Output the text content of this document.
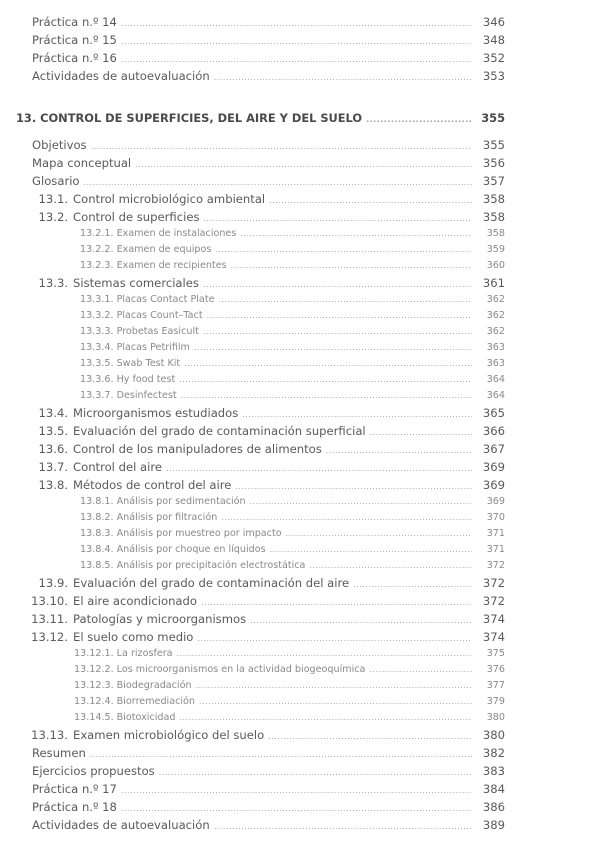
Práctica n.º 14 .....	346
Práctica n.º 15 .....	348
Práctica n.º 16 .....	352
Actividades de autoevaluación .....	353
13. CONTROL DE SUPERFICIES, DEL AIRE Y DEL SUELO .....	355
Objetivos .....	355
Mapa conceptual .....	356
Glosario .....	357
13.1. Control microbiológico ambiental .....	358
13.2. Control de superficies .....	358
13.2.1. Examen de instalaciones .....	358
13.2.2. Examen de equipos .....	359
13.2.3. Examen de recipientes .....	360
13.3. Sistemas comerciales .....	361
13.3.1. Placas Contact Plate .....	362
13.3.2. Placas Count–Tact .....	362
13.3.3. Probetas Easicult .....	362
13.3.4. Placas Petrifilm .....	363
13.3.5. Swab Test Kit .....	363
13.3.6. Hy food test .....	364
13.3.7. Desinfectest .....	364
13.4. Microorganismos estudiados .....	365
13.5. Evaluación del grado de contaminación superficial .....	366
13.6. Control de los manipuladores de alimentos .....	367
13.7. Control del aire .....	369
13.8. Métodos de control del aire .....	369
13.8.1. Análisis por sedimentación .....	369
13.8.2. Análisis por filtración .....	370
13.8.3. Análisis por muestreo por impacto .....	371
13.8.4. Análisis por choque en líquidos .....	371
13.8.5. Análisis por precipitación electrostática .....	372
13.9. Evaluación del grado de contaminación del aire .....	372
13.10. El aire acondicionado .....	372
13.11. Patologías y microorganismos .....	374
13.12. El suelo como medio .....	374
13.12.1. La rizosfera .....	375
13.12.2. Los microorganismos en la actividad biogeoquímica .....	376
13.12.3. Biodegradación .....	377
13.12.4. Biorremediación .....	379
13.14.5. Biotoxicidad .....	380
13.13. Examen microbiológico del suelo .....	380
Resumen .....	382
Ejercicios propuestos .....	383
Práctica n.º 17 .....	384
Práctica n.º 18 .....	386
Actividades de autoevaluación .....	389
